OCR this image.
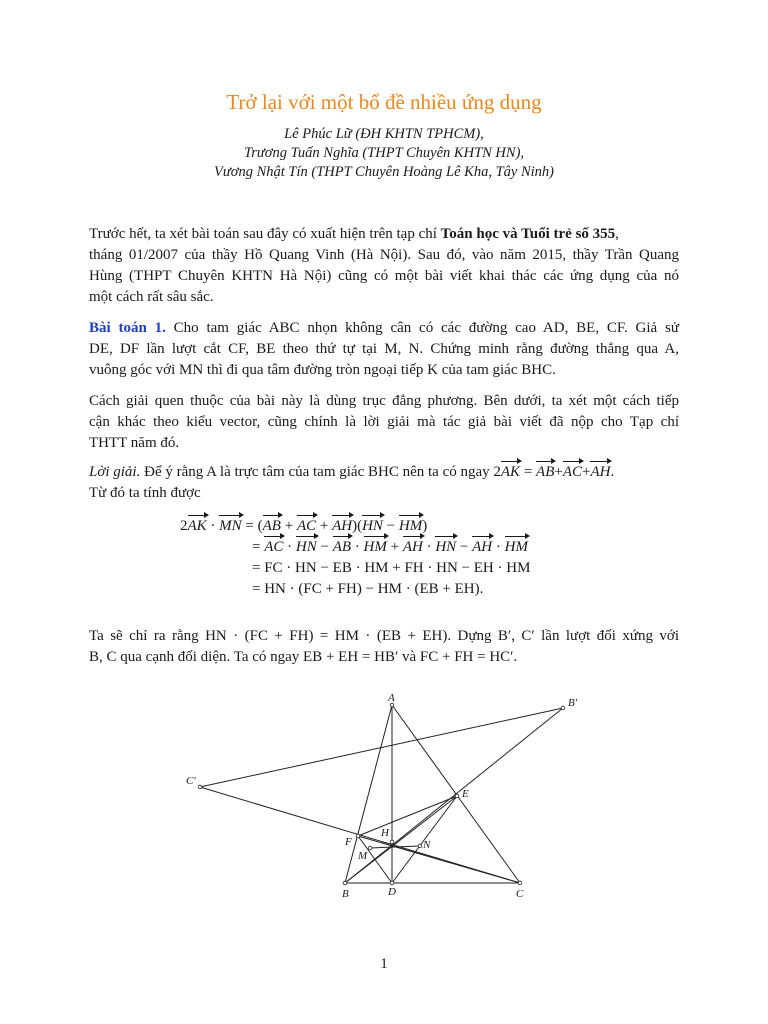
Trở lại với một bổ đề nhiều ứng dụng
Lê Phúc Lữ (ĐH KHTN TPHCM),
Trương Tuấn Nghĩa (THPT Chuyên KHTN HN),
Vương Nhật Tín (THPT Chuyên Hoàng Lê Kha, Tây Ninh)
Trước hết, ta xét bài toán sau đây có xuất hiện trên tạp chí Toán học và Tuổi trẻ số 355,
tháng 01/2007 của thầy Hồ Quang Vinh (Hà Nội). Sau đó, vào năm 2015, thầy Trần Quang
Hùng (THPT Chuyên KHTN Hà Nội) cũng có một bài viết khai thác các ứng dụng của nó
một cách rất sâu sắc.
Bài toán 1. Cho tam giác ABC nhọn không cân có các đường cao AD, BE, CF. Giả sử
DE, DF lần lượt cắt CF, BE theo thứ tự tại M, N. Chứng minh rằng đường thẳng qua A,
vuông góc với MN thì đi qua tâm đường tròn ngoại tiếp K của tam giác BHC.
Cách giải quen thuộc của bài này là dùng trục đẳng phương. Bên dưới, ta xét một cách tiếp
cận khác theo kiểu vector, cũng chính là lời giải mà tác giả bài viết đã nộp cho Tạp chí
THTT năm đó.
Lời giải. Để ý rằng A là trực tâm của tam giác BHC nên ta có ngay 2AK = AB+AC+AH.
Từ đó ta tính được
2AK · MN = (AB + AC + AH)(HN − HM)
= AC · HN − AB · HM + AH · HN − AH · HM
= FC · HN − EB · HM + FH · HN − EH · HM
= HN · (FC + FH) − HM · (EB + EH).
Ta sẽ chỉ ra rằng HN · (FC + FH) = HM · (EB + EH). Dựng B′, C′ lần lượt đối xứng với
B, C qua cạnh đối diện. Ta có ngay EB + EH = HB′ và FC + FH = HC′.
A	B′
C′
E
F
H
M
N
B	D	C
1
